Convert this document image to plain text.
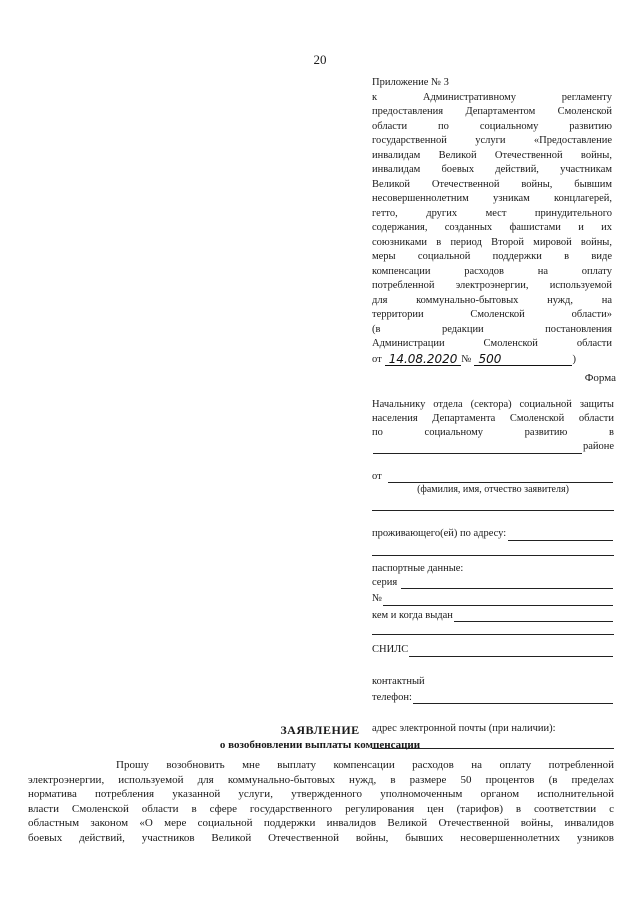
20
Приложение № 3
к Административному регламенту
предоставления Департаментом Смоленской
области по социальному развитию
государственной услуги «Предоставление
инвалидам Великой Отечественной войны,
инвалидам боевых действий, участникам
Великой Отечественной войны, бывшим
несовершеннолетним узникам концлагерей,
гетто, других мест принудительного
содержания, созданных фашистами и их
союзниками в период Второй мировой войны,
меры социальной поддержки в виде
компенсации расходов на оплату
потребленной электроэнергии, используемой
для коммунально-бытовых нужд, на
территории Смоленской области»
(в редакции постановления
Администрации Смоленской области
от 14.08.2020 № 500	)
Форма
Начальнику отдела (сектора) социальной защиты
населения Департамента Смоленской области
по социальному развитию в
районе
от
(фамилия, имя, отчество заявителя)
проживающего(ей) по адресу:
паспортные данные:
серия
№
кем и когда выдан
СНИЛС
контактный
телефон:
адрес электронной почты (при наличии):
ЗАЯВЛЕНИЕ
о возобновлении выплаты компенсации
Прошу возобновить мне выплату компенсации расходов на оплату потребленной
электроэнергии, используемой для коммунально-бытовых нужд, в размере 50 процентов (в пределах
норматива потребления указанной услуги, утвержденного уполномоченным органом исполнительной
власти Смоленской области в сфере государственного регулирования цен (тарифов) в соответствии с
областным законом «О мере социальной поддержки инвалидов Великой Отечественной войны, инвалидов
боевых действий, участников Великой Отечественной войны, бывших несовершеннолетних узников
